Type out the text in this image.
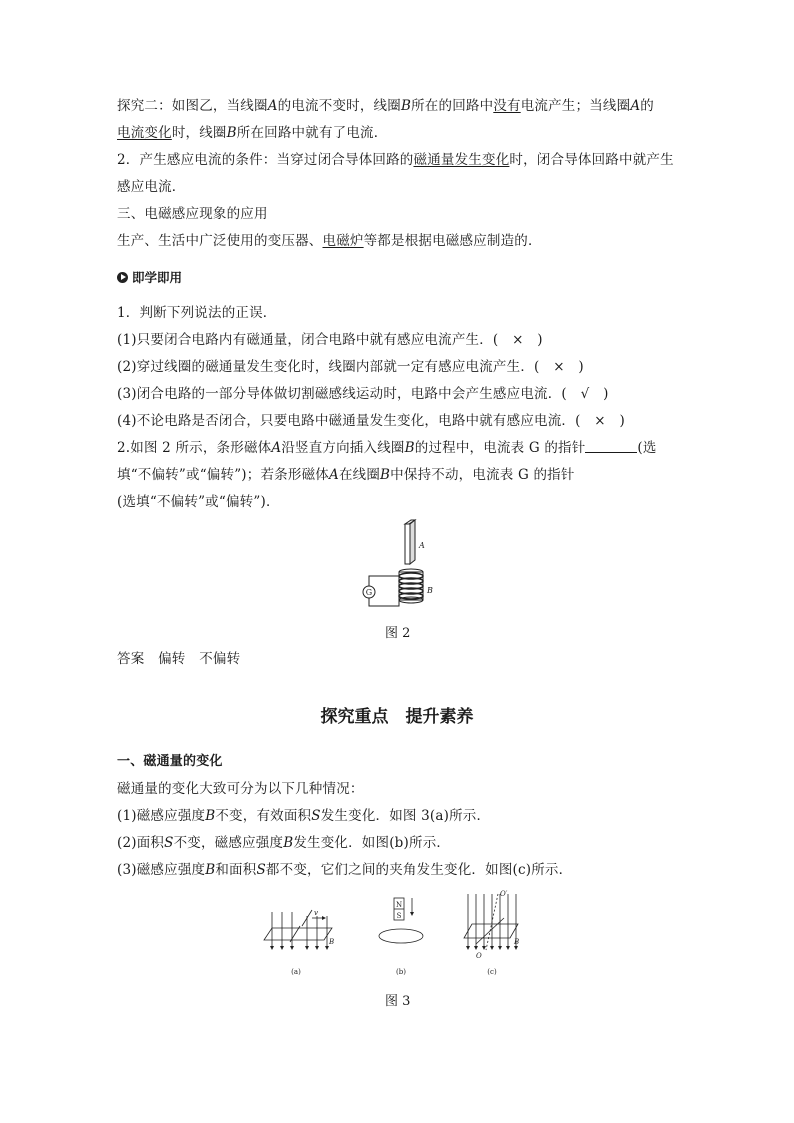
探究二：如图乙，当线圈A的电流不变时，线圈B所在的回路中没有电流产生；当线圈A的
电流变化时，线圈B所在回路中就有了电流．
2．产生感应电流的条件：当穿过闭合导体回路的磁通量发生变化时，闭合导体回路中就产生
感应电流．
三、电磁感应现象的应用
生产、生活中广泛使用的变压器、电磁炉等都是根据电磁感应制造的．
即学即用
1．判断下列说法的正误．
(1)只要闭合电路内有磁通量，闭合电路中就有感应电流产生．(　×　)
(2)穿过线圈的磁通量发生变化时，线圈内部就一定有感应电流产生．(　×　)
(3)闭合电路的一部分导体做切割磁感线运动时，电路中会产生感应电流．(　√　)
(4)不论电路是否闭合，只要电路中磁通量发生变化，电路中就有感应电流．(　×　)
2.如图 2 所示，条形磁体A沿竖直方向插入线圈B的过程中，电流表 G 的指针	(选
填“不偏转”或“偏转”)；若条形磁体A在线圈B中保持不动，电流表 G 的指针
(选填“不偏转”或“偏转”)．
A
B
G
图 2
答案　偏转　不偏转
探究重点　提升素养
一、磁通量的变化
磁通量的变化大致可分为以下几种情况：
(1)磁感应强度B不变，有效面积S发生变化．如图 3(a)所示．
(2)面积S不变，磁感应强度B发生变化．如图(b)所示．
(3)磁感应强度B和面积S都不变，它们之间的夹角发生变化．如图(c)所示．
v
B
(a)
N
S
(b)
O′
O
B
(c)
图 3
